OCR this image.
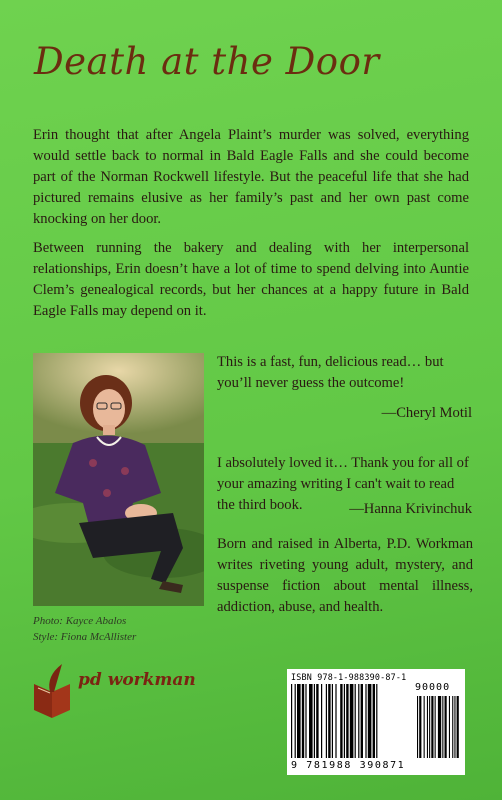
Death at the Door

Erin thought that after Angela Plaint’s murder was solved, everything would settle back to normal in Bald Eagle Falls and she could become part of the Norman Rockwell lifestyle. But the peaceful life that she had pictured remains elusive as her family’s past and her own past come knocking on her door.

Between running the bakery and dealing with her interpersonal relationships, Erin doesn’t have a lot of time to spend delving into Auntie Clem’s genealogical records, but her chances at a happy future in Bald Eagle Falls may depend on it.

Photo: Kayce Abalos
Style: Fiona McAllister

This is a fast, fun, delicious read… but you’ll never guess the outcome!

—Cheryl Motil

I absolutely loved it… Thank you for all of your amazing writing I can't wait to read the third book.	—Hanna Krivinchuk

Born and raised in Alberta, P.D. Workman writes riveting young adult, mystery, and suspense fiction about mental illness, addiction, abuse, and health.

pd workman	ISBN 978-1-988390-87-1
90000
9 781988 390871
